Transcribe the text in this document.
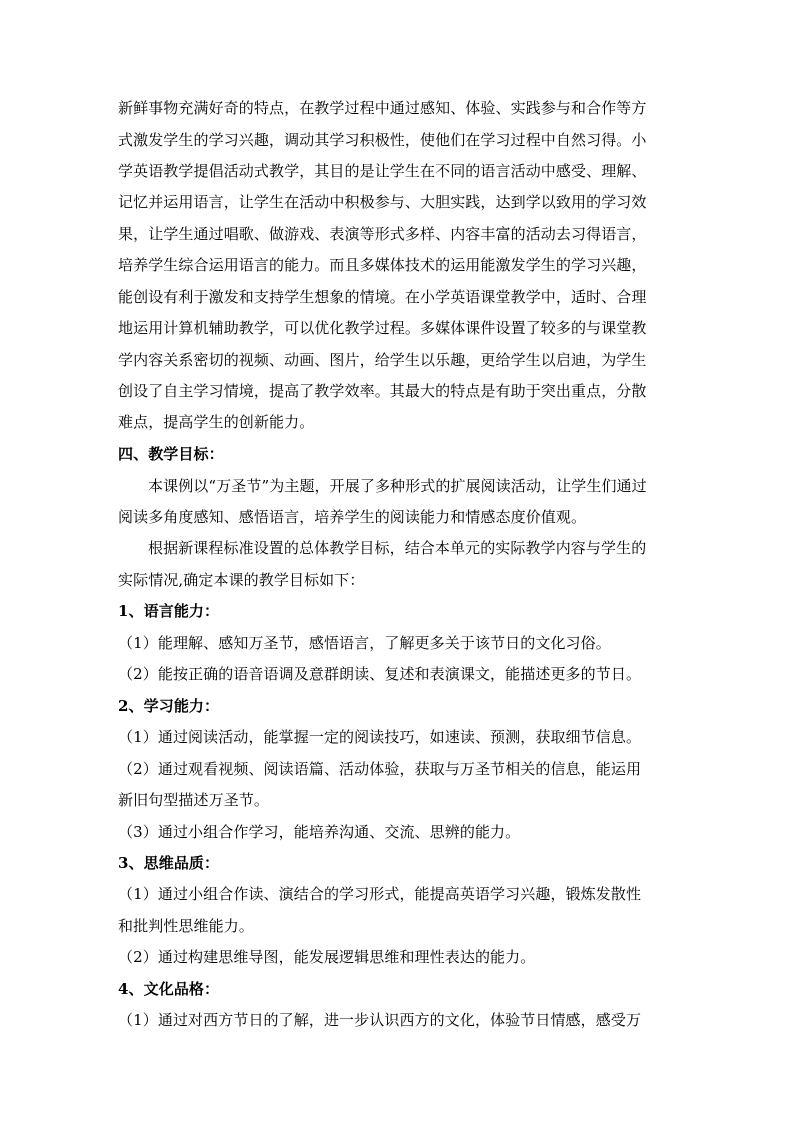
新鲜事物充满好奇的特点，在教学过程中通过感知、体验、实践参与和合作等方
式激发学生的学习兴趣，调动其学习积极性，使他们在学习过程中自然习得。小
学英语教学提倡活动式教学，其目的是让学生在不同的语言活动中感受、理解、
记忆并运用语言，让学生在活动中积极参与、大胆实践，达到学以致用的学习效
果，让学生通过唱歌、做游戏、表演等形式多样、内容丰富的活动去习得语言，
培养学生综合运用语言的能力。而且多媒体技术的运用能激发学生的学习兴趣，
能创设有利于激发和支持学生想象的情境。在小学英语课堂教学中，适时、合理
地运用计算机辅助教学，可以优化教学过程。多媒体课件设置了较多的与课堂教
学内容关系密切的视频、动画、图片，给学生以乐趣，更给学生以启迪，为学生
创设了自主学习情境，提高了教学效率。其最大的特点是有助于突出重点，分散
难点，提高学生的创新能力。
四、教学目标：
本课例以“万圣节”为主题，开展了多种形式的扩展阅读活动，让学生们通过
阅读多角度感知、感悟语言，培养学生的阅读能力和情感态度价值观。
根据新课程标准设置的总体教学目标，结合本单元的实际教学内容与学生的
实际情况,确定本课的教学目标如下：
1、语言能力：
（1）能理解、感知万圣节，感悟语言，了解更多关于该节日的文化习俗。
（2）能按正确的语音语调及意群朗读、复述和表演课文，能描述更多的节日。
2、学习能力：
（1）通过阅读活动，能掌握一定的阅读技巧，如速读、预测，获取细节信息。
（2）通过观看视频、阅读语篇、活动体验，获取与万圣节相关的信息，能运用
新旧句型描述万圣节。
（3）通过小组合作学习，能培养沟通、交流、思辨的能力。
3、思维品质：
（1）通过小组合作读、演结合的学习形式，能提高英语学习兴趣，锻炼发散性
和批判性思维能力。
（2）通过构建思维导图，能发展逻辑思维和理性表达的能力。
4、文化品格：
（1）通过对西方节日的了解，进一步认识西方的文化，体验节日情感，感受万
